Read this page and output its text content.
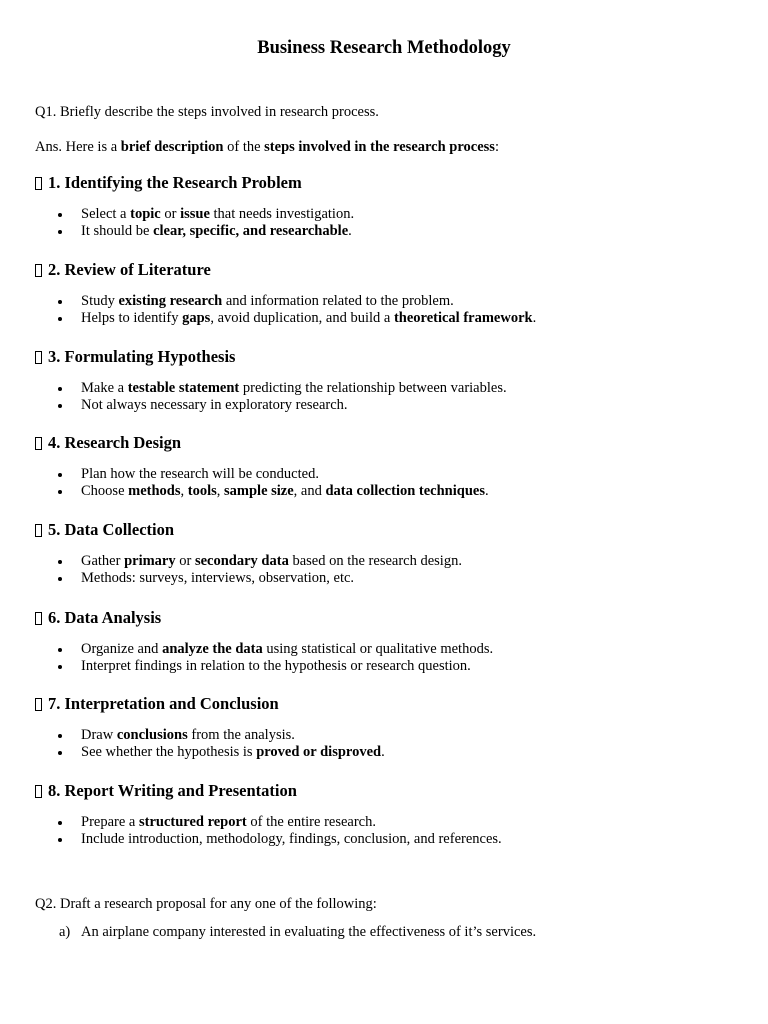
Business Research Methodology

Q1. Briefly describe the steps involved in research process.

Ans. Here is a brief description of the steps involved in the research process:

1. Identifying the Research Problem
Select a topic or issue that needs investigation.
It should be clear, specific, and researchable.
2. Review of Literature
Study existing research and information related to the problem.
Helps to identify gaps, avoid duplication, and build a theoretical framework.
3. Formulating Hypothesis
Make a testable statement predicting the relationship between variables.
Not always necessary in exploratory research.
4. Research Design
Plan how the research will be conducted.
Choose methods, tools, sample size, and data collection techniques.
5. Data Collection
Gather primary or secondary data based on the research design.
Methods: surveys, interviews, observation, etc.
6. Data Analysis
Organize and analyze the data using statistical or qualitative methods.
Interpret findings in relation to the hypothesis or research question.
7. Interpretation and Conclusion
Draw conclusions from the analysis.
See whether the hypothesis is proved or disproved.
8. Report Writing and Presentation
Prepare a structured report of the entire research.
Include introduction, methodology, findings, conclusion, and references.

Q2. Draft a research proposal for any one of the following:

a) An airplane company interested in evaluating the effectiveness of it’s services.
